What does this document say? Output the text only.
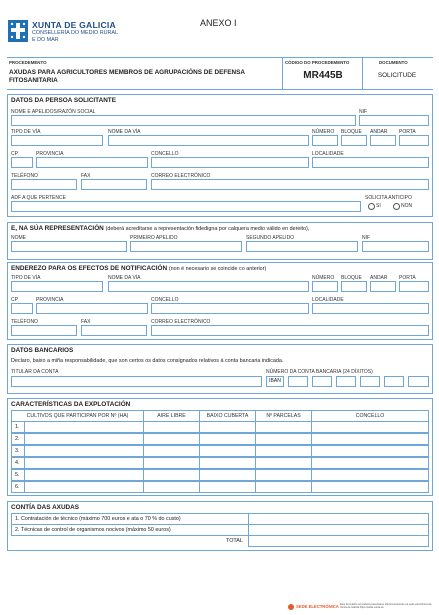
XUNTA DE GALICIA
CONSELLERÍA DO MEDIO RURAL
E DO MAR
ANEXO I
PROCEDEMENTO
AXUDAS PARA AGRICULTORES MEMBROS DE AGRUPACIÓNS DE DEFENSA FITOSANITARIA
CÓDIGO DO PROCEDEMENTO
MR445B
DOCUMENTO
SOLICITUDE
DATOS DA PERSOA SOLICITANTE
NOME E APELIDOS/RAZÓN SOCIAL	NIF
TIPO DE VÍA	NOME DA VÍA	NÚMERO BLOQUE ANDAR PORTA
CP	PROVINCIA	CONCELLO	LOCALIDADE
TELÉFONO	FAX	CORREO ELECTRÓNICO
ADF A QUE PERTENCE	SOLICITA ANTICIPO
SI	NON
E, NA SÚA REPRESENTACIÓN (deberá acreditarse a representación fidedigna por calquera medio válido en dereito),
NOME	PRIMEIRO APELIDO	SEGUNDO APELIDO	NIF
ENDEREZO PARA OS EFECTOS DE NOTIFICACIÓN (non é necesario se coincide co anterior)
TIPO DE VÍA	NOME DA VÍA	NÚMERO BLOQUE ANDAR PORTA
CP	PROVINCIA	CONCELLO	LOCALIDADE
TELÉFONO	FAX	CORREO ELECTRÓNICO
DATOS BANCARIOS
Declaro, baixo a miña responsabilidade, que son certos os datos consignados relativos á conta bancaria indicada.
TITULAR DA CONTA	NÚMERO DA CONTA BANCARIA (24 DÍXITOS)
IBAN
CARACTERÍSTICAS DA EXPLOTACIÓN
CULTIVOS QUE PARTICIPAN POR Nº (HA)	AIRE LIBRE	BAIXO CUBERTA	Nº PARCELAS	CONCELLO
1.
2.
3.
4.
5.
6.
CONTÍA DAS AXUDAS
1. Contratación de técnico (máximo 700 euros e ata o 70 % do custo)
2. Técnicas de control de organismos nocivos (máximo 50 euros)
TOTAL
SEDE ELECTRÓNICA Este formulario só poderá presentarse electronicamente na sede electrónica da Xunta de Galicia https://sede.xunta.es
